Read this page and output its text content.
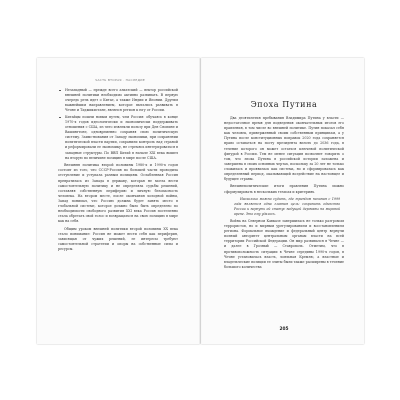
ЧАСТЬ ВТОРАЯ · НАСЛЕДИЕ
Незападный — прежде всего азиатский — вектор российской внешней политики необходимо активно развивать. В первую очередь речь идет о Китае, а также Индии и Японии. Другим важнейшим направлением, которое пытались развивать в Чечне и Таджикистане, являлся регион к югу от России.
Китайцы пошли новым путем, чем Россия: обучаясь в конце 1970-х годов идеологически и экономически поддерживать отношения с США, из чего извлекли пользу при Ден Сяопине и Вашингтоне, одновременно сохраняя свою политическую систему. Заимствования от Западу экономики, при сохранении политической власти партии, сохранили контроль над страной и реформировали ее экономику, не стремясь интегрироваться в западные структуры. По ВВП Китай в начале XXI века вышел на вторую по величине позицию в мире после США.

Внешняя политика второй половины 1980-х и 1990-х годов состоит из того, что СССР-Россия по большей части проводила отступление и уступала разным позициям. Ослабленная Россия превратилась из Запада в державу, которая не могла вести самостоятельную политику и не определяла судьбы решений, составляя собственную периферию и личную безопасность человека. На втором месте, после окончания холодной войны, Запад понимал, что Россию должна будет занять место в глобальной системе, которое должно было быть определено по необходимости свободного развития XXI века Россия постепенно стала обретать свой голос и возвращаться на свою позицию в мире как на себя.

Общим уроком внешней политики второй половины XX века стало понимание: Россия не может вести себя как периферия, зависящая от чужих решений, ее интересы требуют самостоятельной стратегии и опоры на собственные силы и ресурсы.

Эпоха Путина

Два десятилетия пребывания Владимира Путина у власти — недостаточное время для подведения окончательных итогов его правления, в том числе во внешней политике. Путин показал себя как человек, приверженный своим собственным принципам, а у Путина после конституционных поправок 2020 года сохраняется право оставаться на посту президента вплоть до 2036 года, в течение которого он может остаться ключевой политической фигурой в России. Тем не менее ситуация позволяет говорить о том, что эпоха Путина в российской истории заложена и завершена в своих основных чертах, поскольку за 20 лет не только сложилась и проявилась как система, но и сформировалась как определенный период, оказывающий воздействие на настоящее и будущее страны.

Внешнеполитические итоги правления Путина можно сформулировать в нескольких тезисах и критериях.

Насколько можно судить, где трендом начиная с 1999 года является одна главная цель: сохранить единство России и вернуть ей статус ведущей державы на мировой арене. Это ему удалось.

Война на Северном Кавказе завершилась не только разгромом террористов, но и мирным урегулированием и восстановлением региона. Формальное вхождение и федеральный центр вернули полный авторитет центральным органам власти на всей территории Российской Федерации. Он мир развивался в Чечне — и далее в Грозный — Ставрополь. Отметим, что в противоположность ситуации в Чечне середины 1990-х годов, в Чечне установилась власть, лояльная Кремлю, а властные и владельческие позиции ее элиты были также расширены в течение большого количества

205
